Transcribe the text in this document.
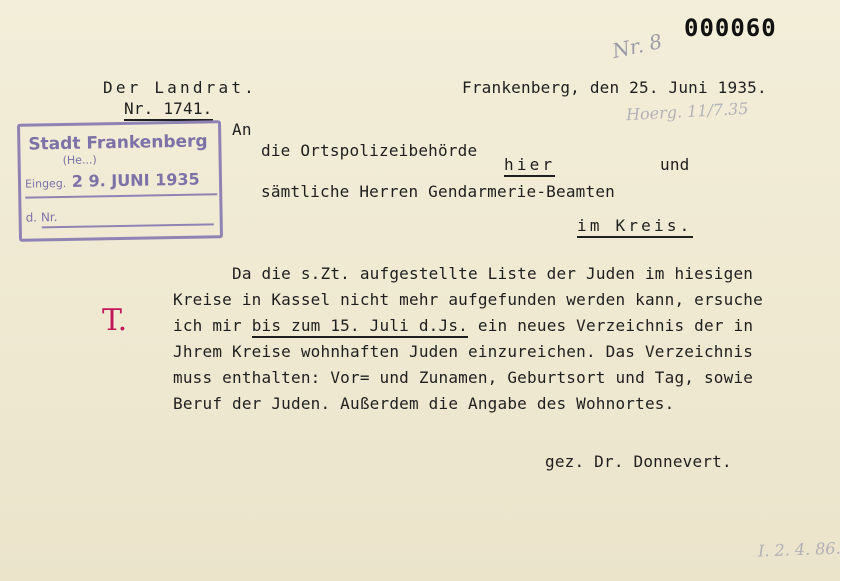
000060
Nr. 8
Hoerg. 11/7.35
I. 2. 4. 86.
Der Landrat.	Frankenberg, den 25. Juni 1935.
Nr. 1741.
Stadt Frankenberg
(He...)
Eingeg. 2 9. JUNI 1935
d. Nr.
An
die Ortspolizeibehörde
hier	und
sämtliche Herren Gendarmerie-Beamten
im Kreis.
Da die s.Zt. aufgestellte Liste der Juden im hiesigen
Kreise in Kassel nicht mehr aufgefunden werden kann, ersuche
ich mir bis zum 15. Juli d.Js. ein neues Verzeichnis der in
Jhrem Kreise wohnhaften Juden einzureichen. Das Verzeichnis
muss enthalten: Vor= und Zunamen, Geburtsort und Tag, sowie
Beruf der Juden. Außerdem die Angabe des Wohnortes.
T.
gez. Dr. Donnevert.
